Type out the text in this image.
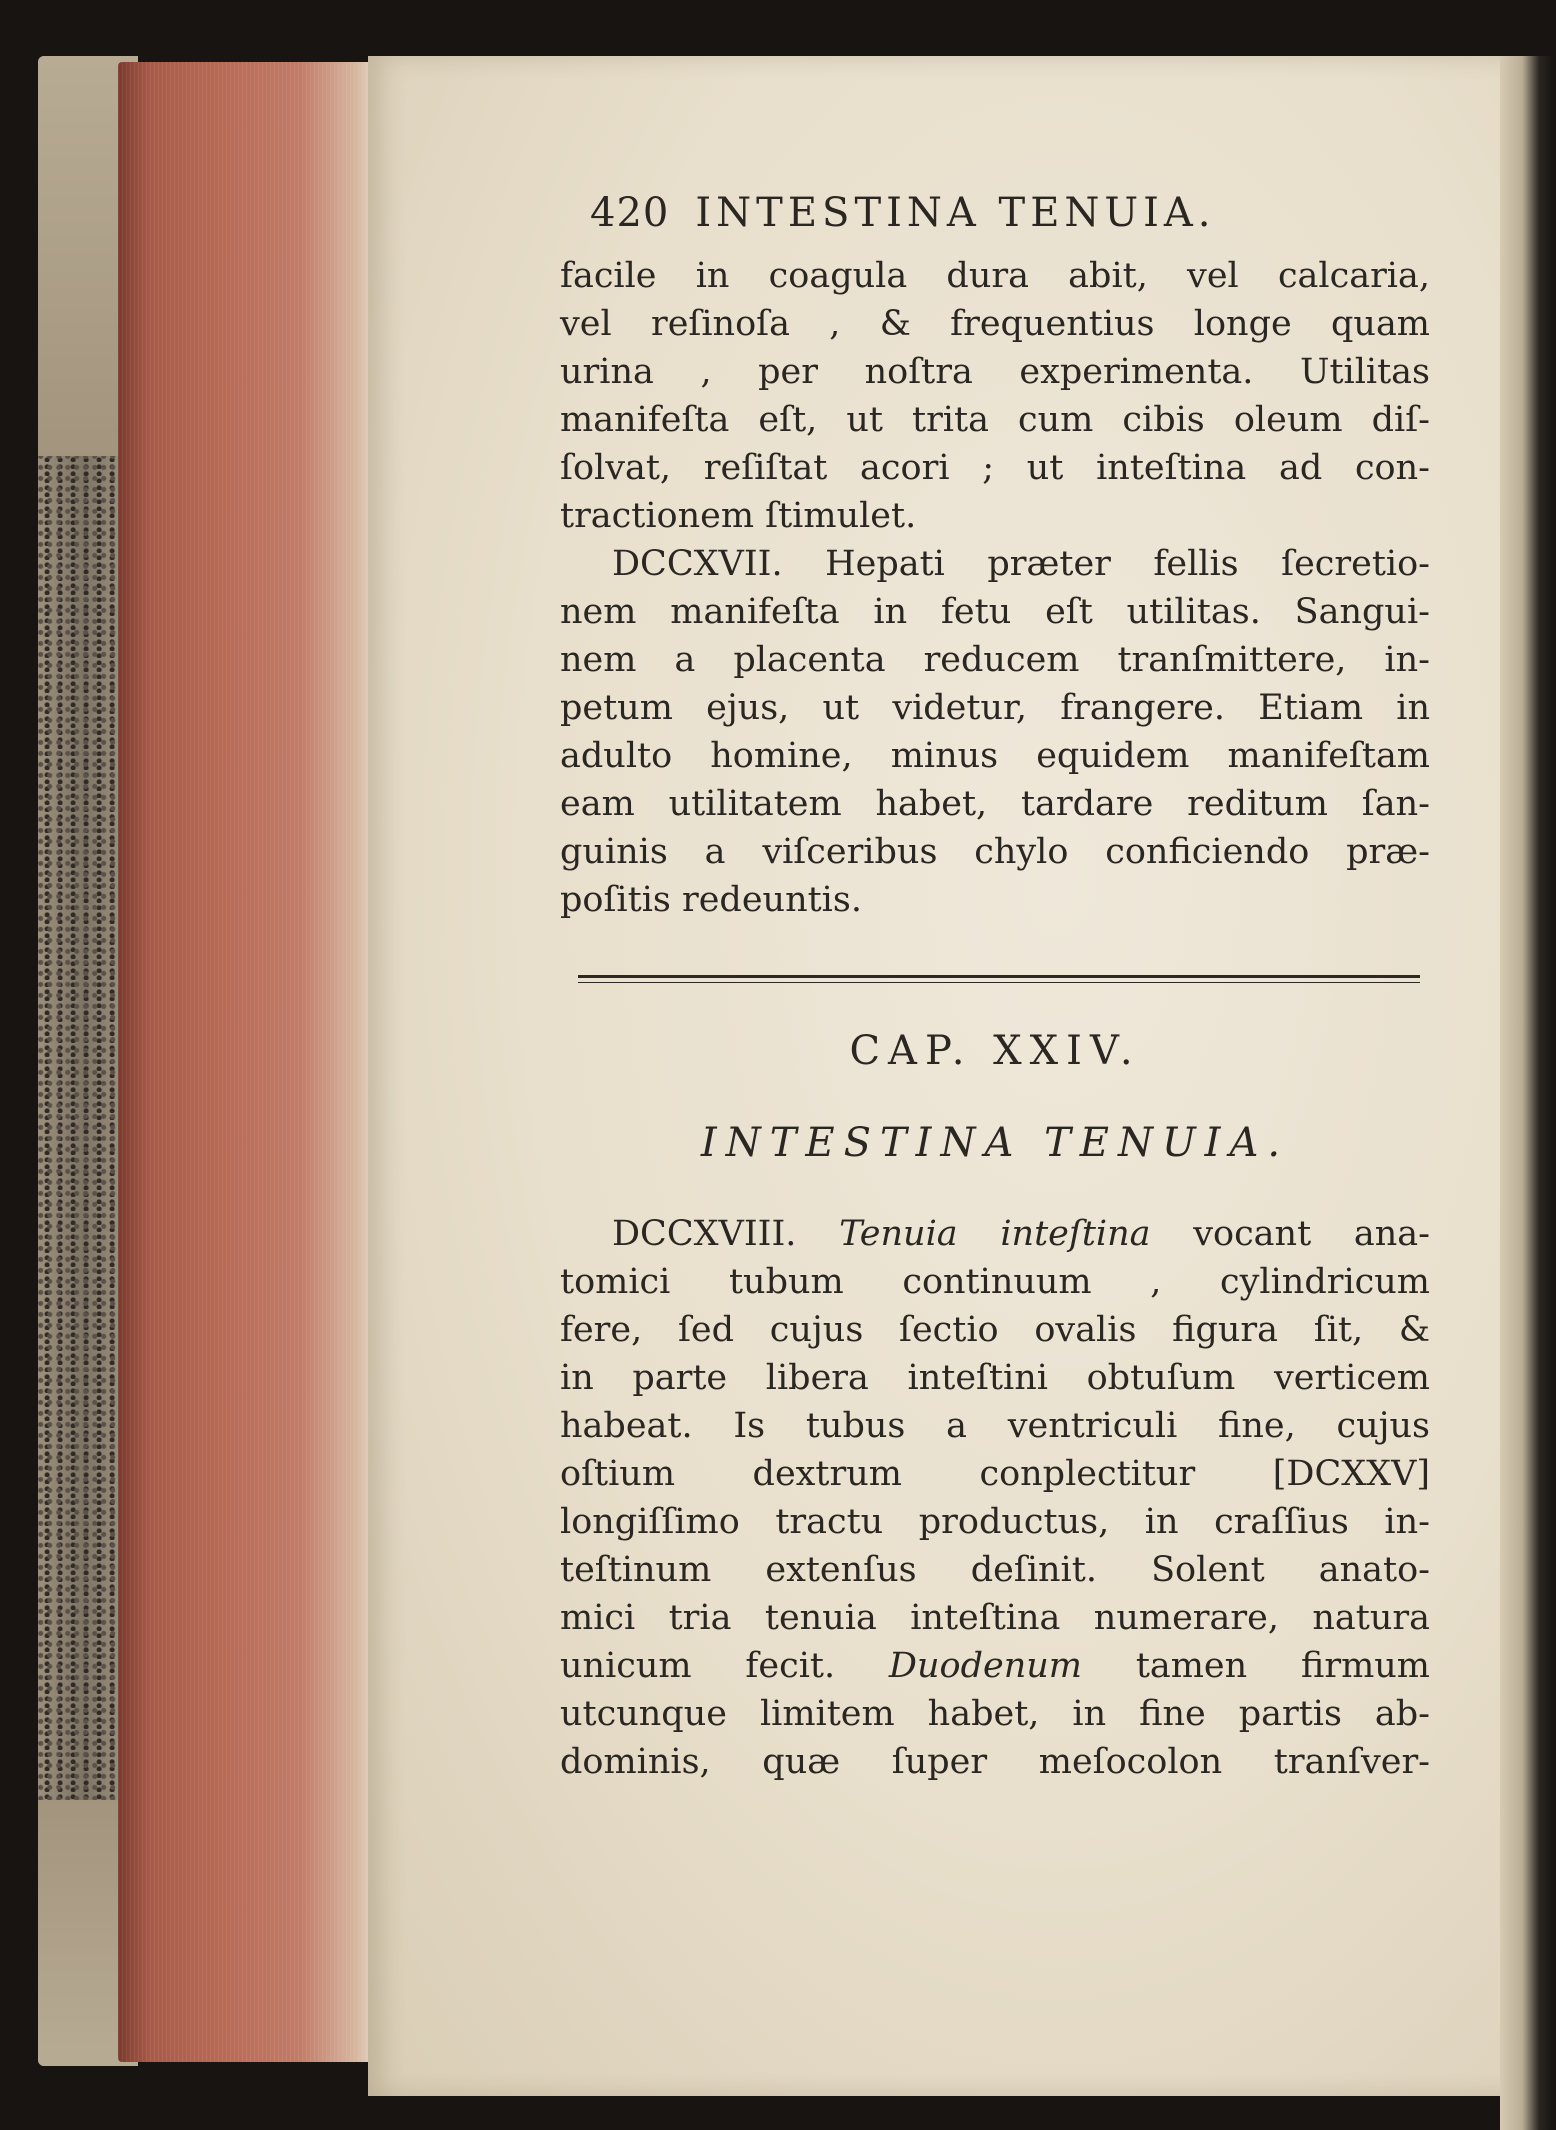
420 INTESTINA TENUIA.
facile in coagula dura abit, vel calcaria,
vel reſinoſa , & frequentius longe quam
urina , per noſtra experimenta. Utilitas
manifeſta eſt, ut trita cum cibis oleum diſ-
ſolvat, reſiſtat acori ; ut inteſtina ad con-
tractionem ſtimulet.
DCCXVII. Hepati præter fellis ſecretio-
nem manifeſta in fetu eſt utilitas. Sangui-
nem a placenta reducem tranſmittere, in-
petum ejus, ut videtur, frangere. Etiam in
adulto homine, minus equidem manifeſtam
eam utilitatem habet, tardare reditum ſan-
guinis a viſceribus chylo conficiendo præ-
poſitis redeuntis.
CAP. XXIV.
INTESTINA TENUIA.
DCCXVIII. Tenuia inteſtina vocant ana-
tomici tubum continuum , cylindricum
fere, ſed cujus ſectio ovalis figura ſit, &
in parte libera inteſtini obtuſum verticem
habeat. Is tubus a ventriculi fine, cujus
oſtium dextrum conplectitur [DCXXV]
longiſſimo tractu productus, in craſſius in-
teſtinum extenſus deſinit. Solent anato-
mici tria tenuia inteſtina numerare, natura
unicum fecit. Duodenum tamen firmum
utcunque limitem habet, in fine partis ab-
dominis, quæ ſuper meſocolon tranſver-
